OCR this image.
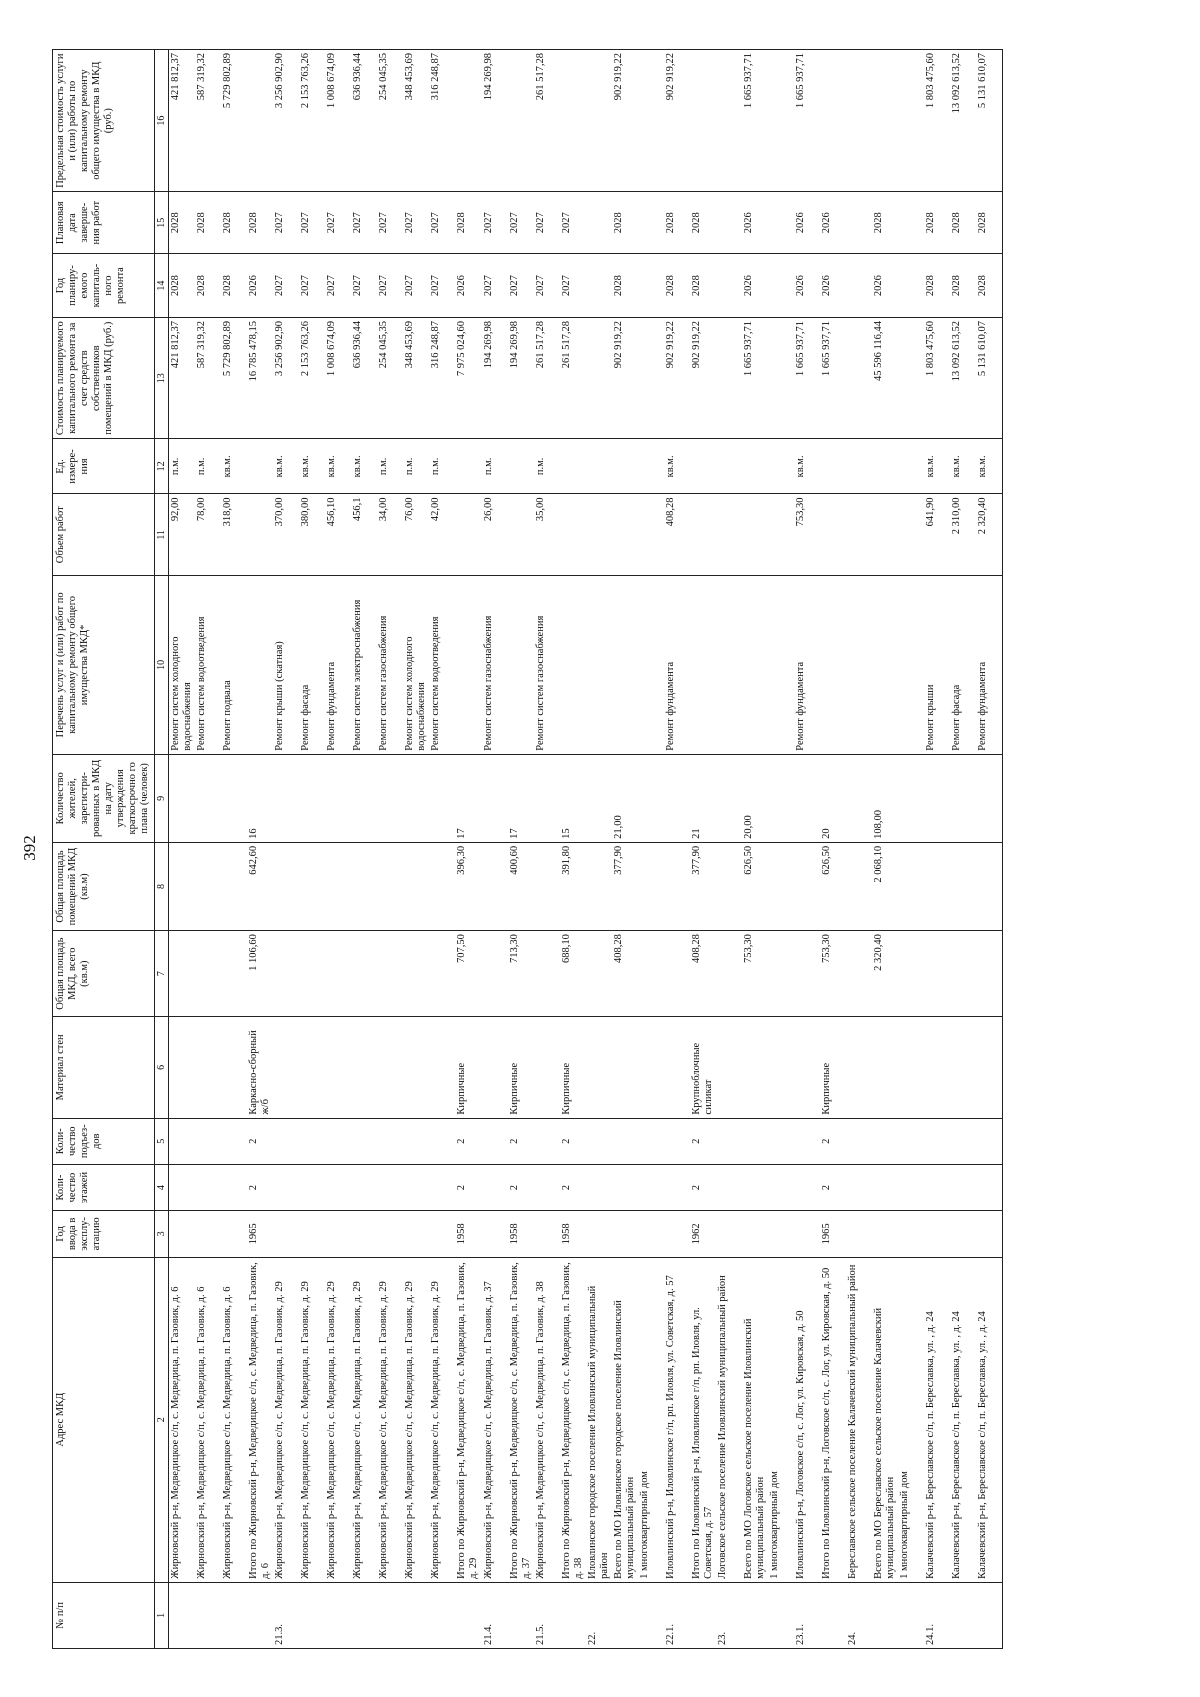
392
№ п/п	Адрес МКД	Год ввода в эксплу-атацию	Коли-чество этажей	Коли-чество подъез-дов	Материал стен	Общая площадь МКД, всего (кв.м)	Общая площадь помещений МКД (кв.м)	Количество жителей, зарегистри-рованных в МКД на дату утверждения краткосрочно го плана (человек)	Перечень услуг и (или) работ по капитальному ремонту общего имущества МКД*	Объем работ	Ед. измере-ния	Стоимость планируемого капитального ремонта за счет средств собственников помещений в МКД (руб.)	Год планиру-емого капиталь-ного ремонта	Плановая дата заверше-ния работ	Предельная стоимость услуги и (или) работы по капитальному ремонту общего имущества в МКД (руб.)
1	2	3	4	5	6	7	8	9	10	11	12	13	14	15	16
	Жирновский р-н, Медведицкое с/п, с. Медведица, п. Газовик, д. 6								Ремонт систем холодного водоснабжения	92,00	п.м.	421 812,37	2028	2028	421 812,37
	Жирновский р-н, Медведицкое с/п, с. Медведица, п. Газовик, д. 6								Ремонт систем водоотведения	78,00	п.м.	587 319,32	2028	2028	587 319,32
	Жирновский р-н, Медведицкое с/п, с. Медведица, п. Газовик, д. 6								Ремонт подвала	318,00	кв.м.	5 729 802,89	2028	2028	5 729 802,89
	Итого по Жирновский р-н, Медведицкое с/п, с. Медведица, п. Газовик, д. 6	1965	2	2	Каркасно-сборный ж/б	1 106,60	642,60	16				16 785 478,15	2026	2028	
21.3.	Жирновский р-н, Медведицкое с/п, с. Медведица, п. Газовик, д. 29								Ремонт крыши (скатная)	370,00	кв.м.	3 256 902,90	2027	2027	3 256 902,90
	Жирновский р-н, Медведицкое с/п, с. Медведица, п. Газовик, д. 29								Ремонт фасада	380,00	кв.м.	2 153 763,26	2027	2027	2 153 763,26
	Жирновский р-н, Медведицкое с/п, с. Медведица, п. Газовик, д. 29								Ремонт фундамента	456,10	кв.м.	1 008 674,09	2027	2027	1 008 674,09
	Жирновский р-н, Медведицкое с/п, с. Медведица, п. Газовик, д. 29								Ремонт систем электроснабжения	456,1	кв.м.	636 936,44	2027	2027	636 936,44
	Жирновский р-н, Медведицкое с/п, с. Медведица, п. Газовик, д. 29								Ремонт систем газоснабжения	34,00	п.м.	254 045,35	2027	2027	254 045,35
	Жирновский р-н, Медведицкое с/п, с. Медведица, п. Газовик, д. 29								Ремонт систем холодного водоснабжения	76,00	п.м.	348 453,69	2027	2027	348 453,69
	Жирновский р-н, Медведицкое с/п, с. Медведица, п. Газовик, д. 29								Ремонт систем водоотведения	42,00	п.м.	316 248,87	2027	2027	316 248,87
	Итого по Жирновский р-н, Медведицкое с/п, с. Медведица, п. Газовик, д. 29	1958	2	2	Кирпичные	707,50	396,30	17				7 975 024,60	2026	2028	
21.4.	Жирновский р-н, Медведицкое с/п, с. Медведица, п. Газовик, д. 37								Ремонт систем газоснабжения	26,00	п.м.	194 269,98	2027	2027	194 269,98
	Итого по Жирновский р-н, Медведицкое с/п, с. Медведица, п. Газовик, д. 37	1958	2	2	Кирпичные	713,30	400,60	17				194 269,98	2027	2027	
21.5.	Жирновский р-н, Медведицкое с/п, с. Медведица, п. Газовик, д. 38								Ремонт систем газоснабжения	35,00	п.м.	261 517,28	2027	2027	261 517,28
	Итого по Жирновский р-н, Медведицкое с/п, с. Медведица, п. Газовик, д. 38	1958	2	2	Кирпичные	688,10	391,80	15				261 517,28	2027	2027	
22.	Иловлинское городское поселение Иловлинский муниципальный район														
	Всего по МО Иловлинское городское поселение Иловлинский муниципальный район					408,28	377,90	21,00				902 919,22	2028	2028	902 919,22
	1 многоквартирный дом														
22.1.	Иловлинский р-н, Иловлинское г/п, рп. Иловля, ул. Советская, д. 57								Ремонт фундамента	408,28	кв.м.	902 919,22	2028	2028	902 919,22
	Итого по Иловлинский р-н, Иловлинское г/п, рп. Иловля, ул. Советская, д. 57	1962	2	2	Крупноблочные силикат	408,28	377,90	21				902 919,22	2028	2028	
23.	Логовское сельское поселение Иловлинский муниципальный район														
	Всего по МО Логовское сельское поселение Иловлинский муниципальный район					753,30	626,50	20,00				1 665 937,71	2026	2026	1 665 937,71
	1 многоквартирный дом														
23.1.	Иловлинский р-н, Логовское с/п, с. Лог, ул. Кировская, д. 50								Ремонт фундамента	753,30	кв.м.	1 665 937,71	2026	2026	1 665 937,71
	Итого по Иловлинский р-н, Логовское с/п, с. Лог, ул. Кировская, д. 50	1965	2	2	Кирпичные	753,30	626,50	20				1 665 937,71	2026	2026	
24.	Береславское сельское поселение Калачевский муниципальный район														
	Всего по МО Береславское сельское поселение Калачевский муниципальный район					2 320,40	2 068,10	108,00				45 596 116,44	2026	2028	
	1 многоквартирный дом														
24.1.	Калачевский р-н, Береславское с/п, п. Береславка, ул. , д. 24								Ремонт крыши	641,90	кв.м.	1 803 475,60	2028	2028	1 803 475,60
	Калачевский р-н, Береславское с/п, п. Береславка, ул. , д. 24								Ремонт фасада	2 310,00	кв.м.	13 092 613,52	2028	2028	13 092 613,52
	Калачевский р-н, Береславское с/п, п. Береславка, ул. , д. 24								Ремонт фундамента	2 320,40	кв.м.	5 131 610,07	2028	2028	5 131 610,07
